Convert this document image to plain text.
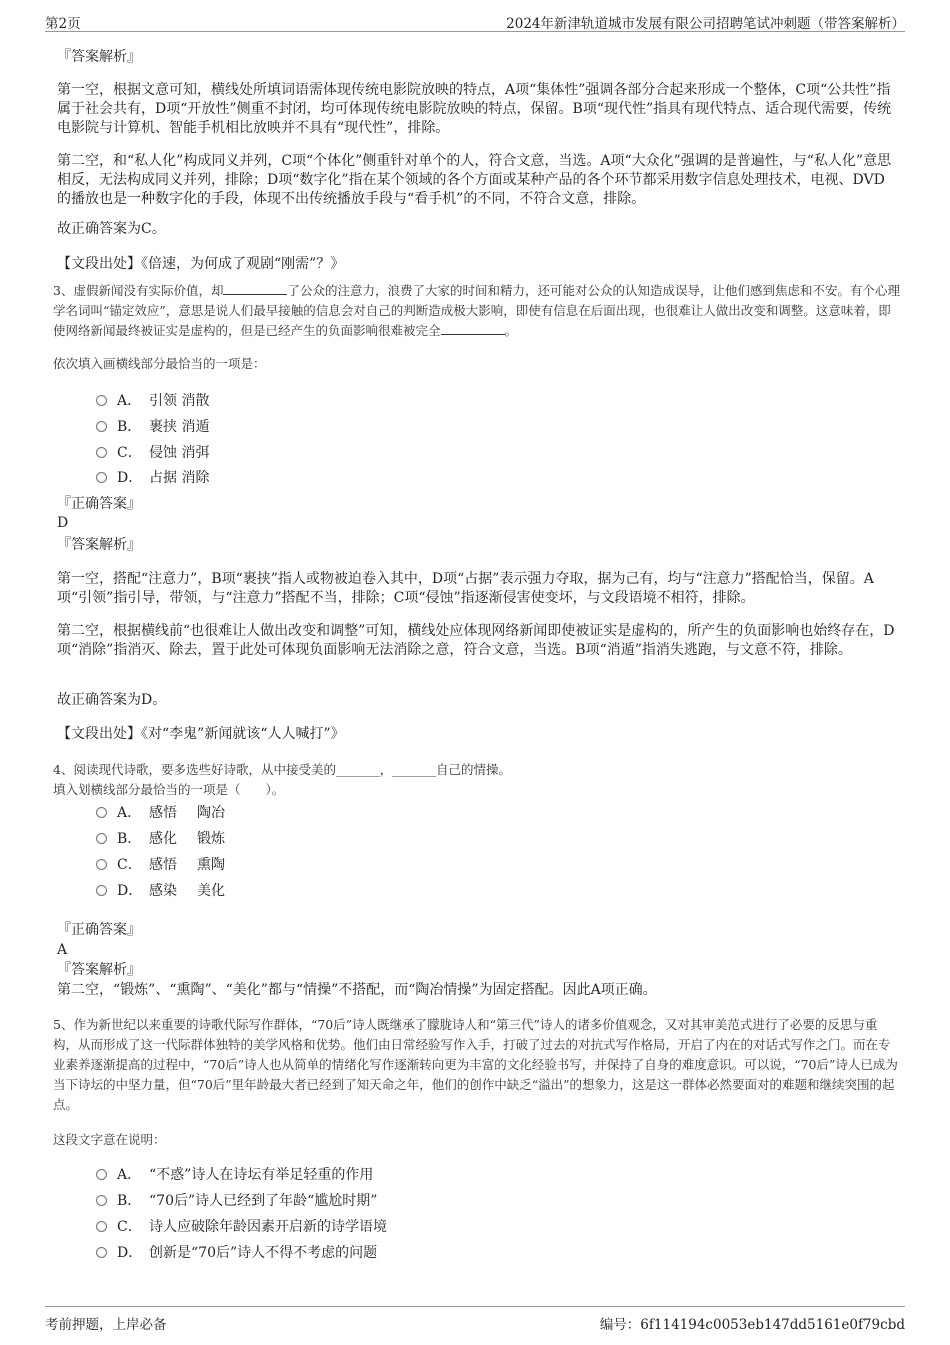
第2页	2024年新津轨道城市发展有限公司招聘笔试冲刺题（带答案解析）
『答案解析』
第一空，根据文意可知，横线处所填词语需体现传统电影院放映的特点，A项“集体性”强调各部分合起来形成一个整体，C项“公共性”指属于社会共有，D项“开放性”侧重不封闭，均可体现传统电影院放映的特点，保留。B项“现代性”指具有现代特点、适合现代需要，传统电影院与计算机、智能手机相比放映并不具有“现代性”，排除。
第二空，和“私人化”构成同义并列，C项“个体化”侧重针对单个的人，符合文意，当选。A项“大众化”强调的是普遍性，与“私人化”意思相反，无法构成同义并列，排除；D项“数字化”指在某个领域的各个方面或某种产品的各个环节都采用数字信息处理技术，电视、DVD的播放也是一种数字化的手段，体现不出传统播放手段与“看手机”的不同，不符合文意，排除。
故正确答案为C。
【文段出处】《倍速，为何成了观剧“刚需”？》
3、虚假新闻没有实际价值，却	了公众的注意力，浪费了大家的时间和精力，还可能对公众的认知造成误导，让他们感到焦虑和不安。有个心理学名词叫“锚定效应”，意思是说人们最早接触的信息会对自己的判断造成极大影响，即使有信息在后面出现，也很难让人做出改变和调整。这意味着，即使网络新闻最终被证实是虚构的，但是已经产生的负面影响很难被完全	。
依次填入画横线部分最恰当的一项是：
A． 引领 消散
B． 裹挟 消遁
C． 侵蚀 消弭
D． 占据 消除
『正确答案』
D
『答案解析』
第一空，搭配“注意力”，B项“裹挟”指人或物被迫卷入其中，D项“占据”表示强力夺取，据为己有，均与“注意力”搭配恰当，保留。A项“引领”指引导，带领，与“注意力”搭配不当，排除；C项“侵蚀”指逐渐侵害使变坏，与文段语境不相符，排除。
第二空，根据横线前“也很难让人做出改变和调整”可知，横线处应体现网络新闻即使被证实是虚构的，所产生的负面影响也始终存在，D项“消除”指消灭、除去，置于此处可体现负面影响无法消除之意，符合文意，当选。B项“消遁”指消失逃跑，与文意不符，排除。
故正确答案为D。
【文段出处】《对“李鬼”新闻就该“人人喊打”》
4、阅读现代诗歌，要多选些好诗歌，从中接受美的_______，_______自己的情操。
填入划横线部分最恰当的一项是（　　）。
A． 感悟	陶冶
B． 感化	锻炼
C． 感悟	熏陶
D． 感染	美化
『正确答案』
A
『答案解析』
第二空，“锻炼”、“熏陶”、“美化”都与“情操”不搭配，而“陶冶情操”为固定搭配。因此A项正确。
5、作为新世纪以来重要的诗歌代际写作群体，“70后”诗人既继承了朦胧诗人和“第三代”诗人的诸多价值观念，又对其审美范式进行了必要的反思与重构，从而形成了这一代际群体独特的美学风格和优势。他们由日常经验写作入手，打破了过去的对抗式写作格局，开启了内在的对话式写作之门。而在专业素养逐渐提高的过程中，“70后”诗人也从简单的情绪化写作逐渐转向更为丰富的文化经验书写，并保持了自身的难度意识。可以说，“70后”诗人已成为当下诗坛的中坚力量，但“70后”里年龄最大者已经到了知天命之年，他们的创作中缺乏“溢出”的想象力，这是这一群体必然要面对的难题和继续突围的起点。
这段文字意在说明：
A． “不惑”诗人在诗坛有举足轻重的作用
B． “70后”诗人已经到了年龄“尴尬时期”
C． 诗人应破除年龄因素开启新的诗学语境
D． 创新是“70后”诗人不得不考虑的问题
考前押题，上岸必备	编号：6f114194c0053eb147dd5161e0f79cbd
